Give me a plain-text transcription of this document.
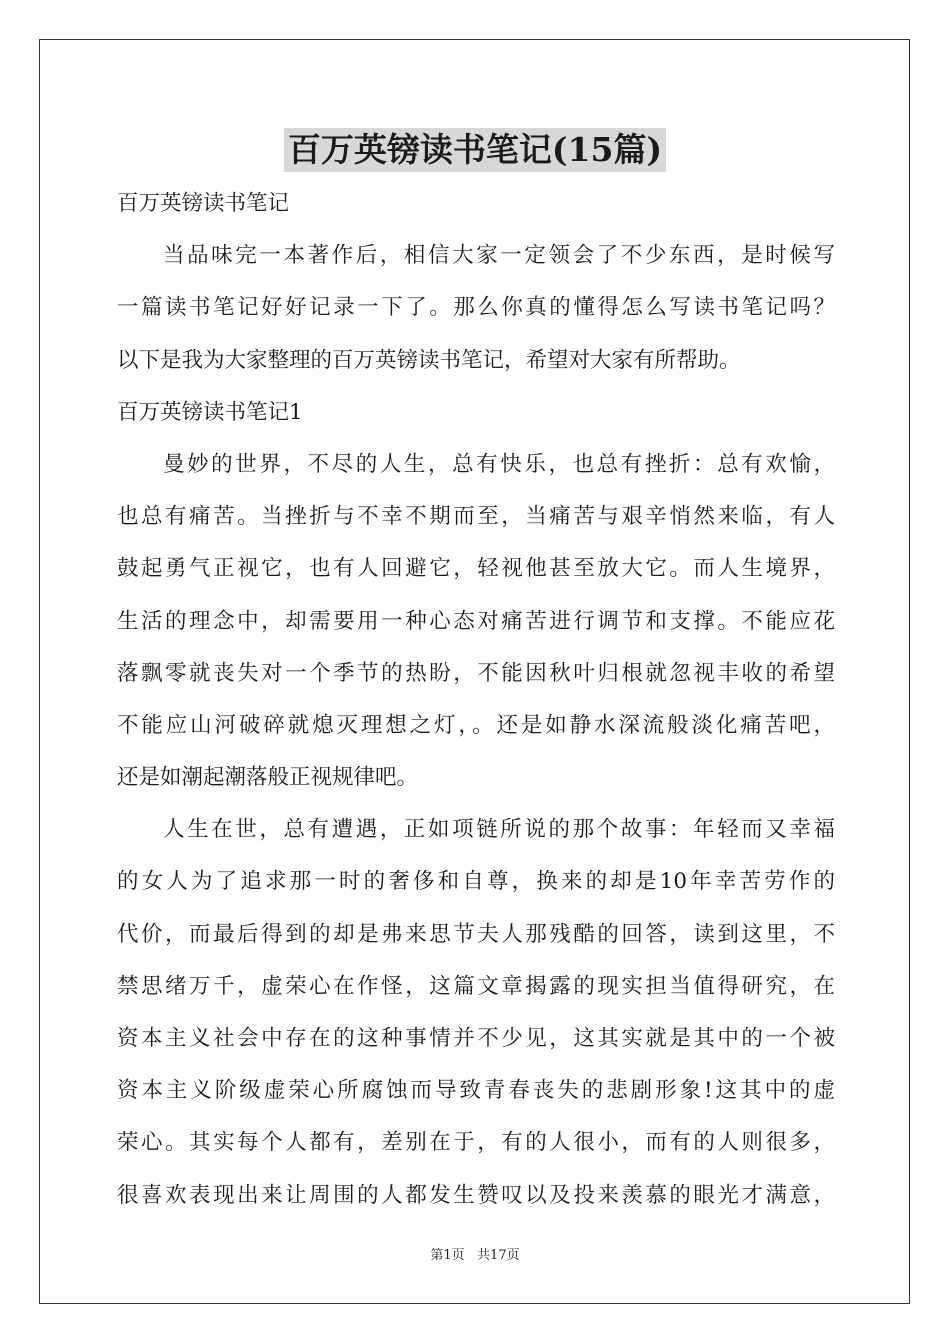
百万英镑读书笔记(15篇)
百万英镑读书笔记
当品味完一本著作后，相信大家一定领会了不少东西，是时候写
一篇读书笔记好好记录一下了。那么你真的懂得怎么写读书笔记吗？
以下是我为大家整理的百万英镑读书笔记，希望对大家有所帮助。
百万英镑读书笔记1
曼妙的世界，不尽的人生，总有快乐，也总有挫折：总有欢愉，
也总有痛苦。当挫折与不幸不期而至，当痛苦与艰辛悄然来临，有人
鼓起勇气正视它，也有人回避它，轻视他甚至放大它。而人生境界，
生活的理念中，却需要用一种心态对痛苦进行调节和支撑。不能应花
落飘零就丧失对一个季节的热盼，不能因秋叶归根就忽视丰收的希望
不能应山河破碎就熄灭理想之灯，。还是如静水深流般淡化痛苦吧，
还是如潮起潮落般正视规律吧。
人生在世，总有遭遇，正如项链所说的那个故事：年轻而又幸福
的女人为了追求那一时的奢侈和自尊，换来的却是10年幸苦劳作的
代价，而最后得到的却是弗来思节夫人那残酷的回答，读到这里，不
禁思绪万千，虚荣心在作怪，这篇文章揭露的现实担当值得研究，在
资本主义社会中存在的这种事情并不少见，这其实就是其中的一个被
资本主义阶级虚荣心所腐蚀而导致青春丧失的悲剧形象!这其中的虚
荣心。其实每个人都有，差别在于，有的人很小，而有的人则很多，
很喜欢表现出来让周围的人都发生赞叹以及投来羡慕的眼光才满意，
第1页   共17页
